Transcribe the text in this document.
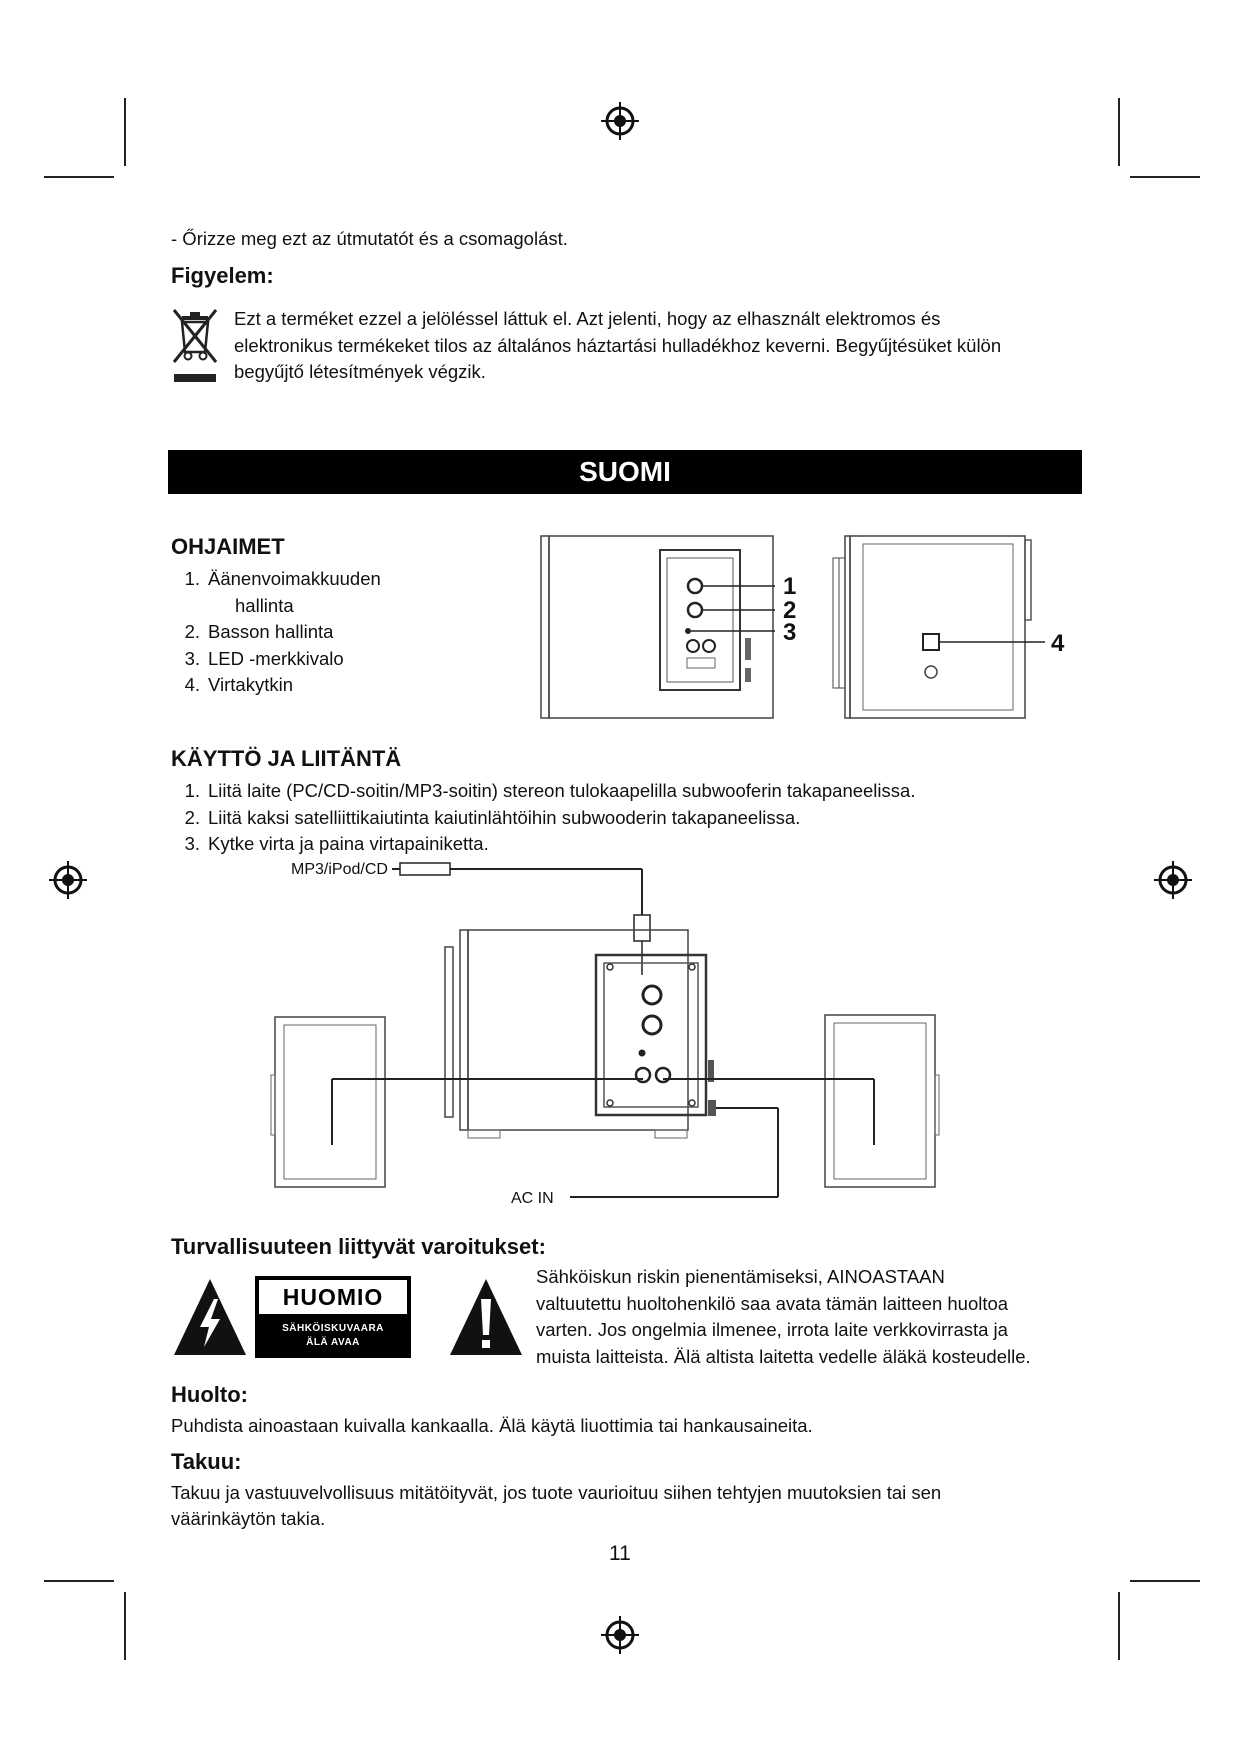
- Őrizze meg ezt az útmutatót és a csomagolást.
Figyelem:
Ezt a terméket ezzel a jelöléssel láttuk el. Azt jelenti, hogy az elhasznált elektromos és
elektronikus termékeket tilos az általános háztartási hulladékhoz keverni. Begyűjtésüket külön
begyűjtő létesítmények végzik.
SUOMI
OHJAIMET
1. Äänenvoimakkuuden
hallinta
2. Basson hallinta
3. LED -merkkivalo
4. Virtakytkin
1
2
3	4
KÄYTTÖ JA LIITÄNTÄ
1. Liitä laite (PC/CD-soitin/MP3-soitin) stereon tulokaapelilla subwooferin takapaneelissa.
2. Liitä kaksi satelliittikaiutinta kaiutinlähtöihin subwooderin takapaneelissa.
3. Kytke virta ja paina virtapainiketta.
MP3/iPod/CD
AC IN
Turvallisuuteen liittyvät varoitukset:
HUOMIO
SÄHKÖISKUVAARA
ÄLÄ AVAA
Sähköiskun riskin pienentämiseksi, AINOASTAAN
valtuutettu huoltohenkilö saa avata tämän laitteen huoltoa
varten. Jos ongelmia ilmenee, irrota laite verkkovirrasta ja
muista laitteista. Älä altista laitetta vedelle äläkä kosteudelle.
Huolto:
Puhdista ainoastaan kuivalla kankaalla. Älä käytä liuottimia tai hankausaineita.
Takuu:
Takuu ja vastuuvelvollisuus mitätöityvät, jos tuote vaurioituu siihen tehtyjen muutoksien tai sen
väärinkäytön takia.
11
